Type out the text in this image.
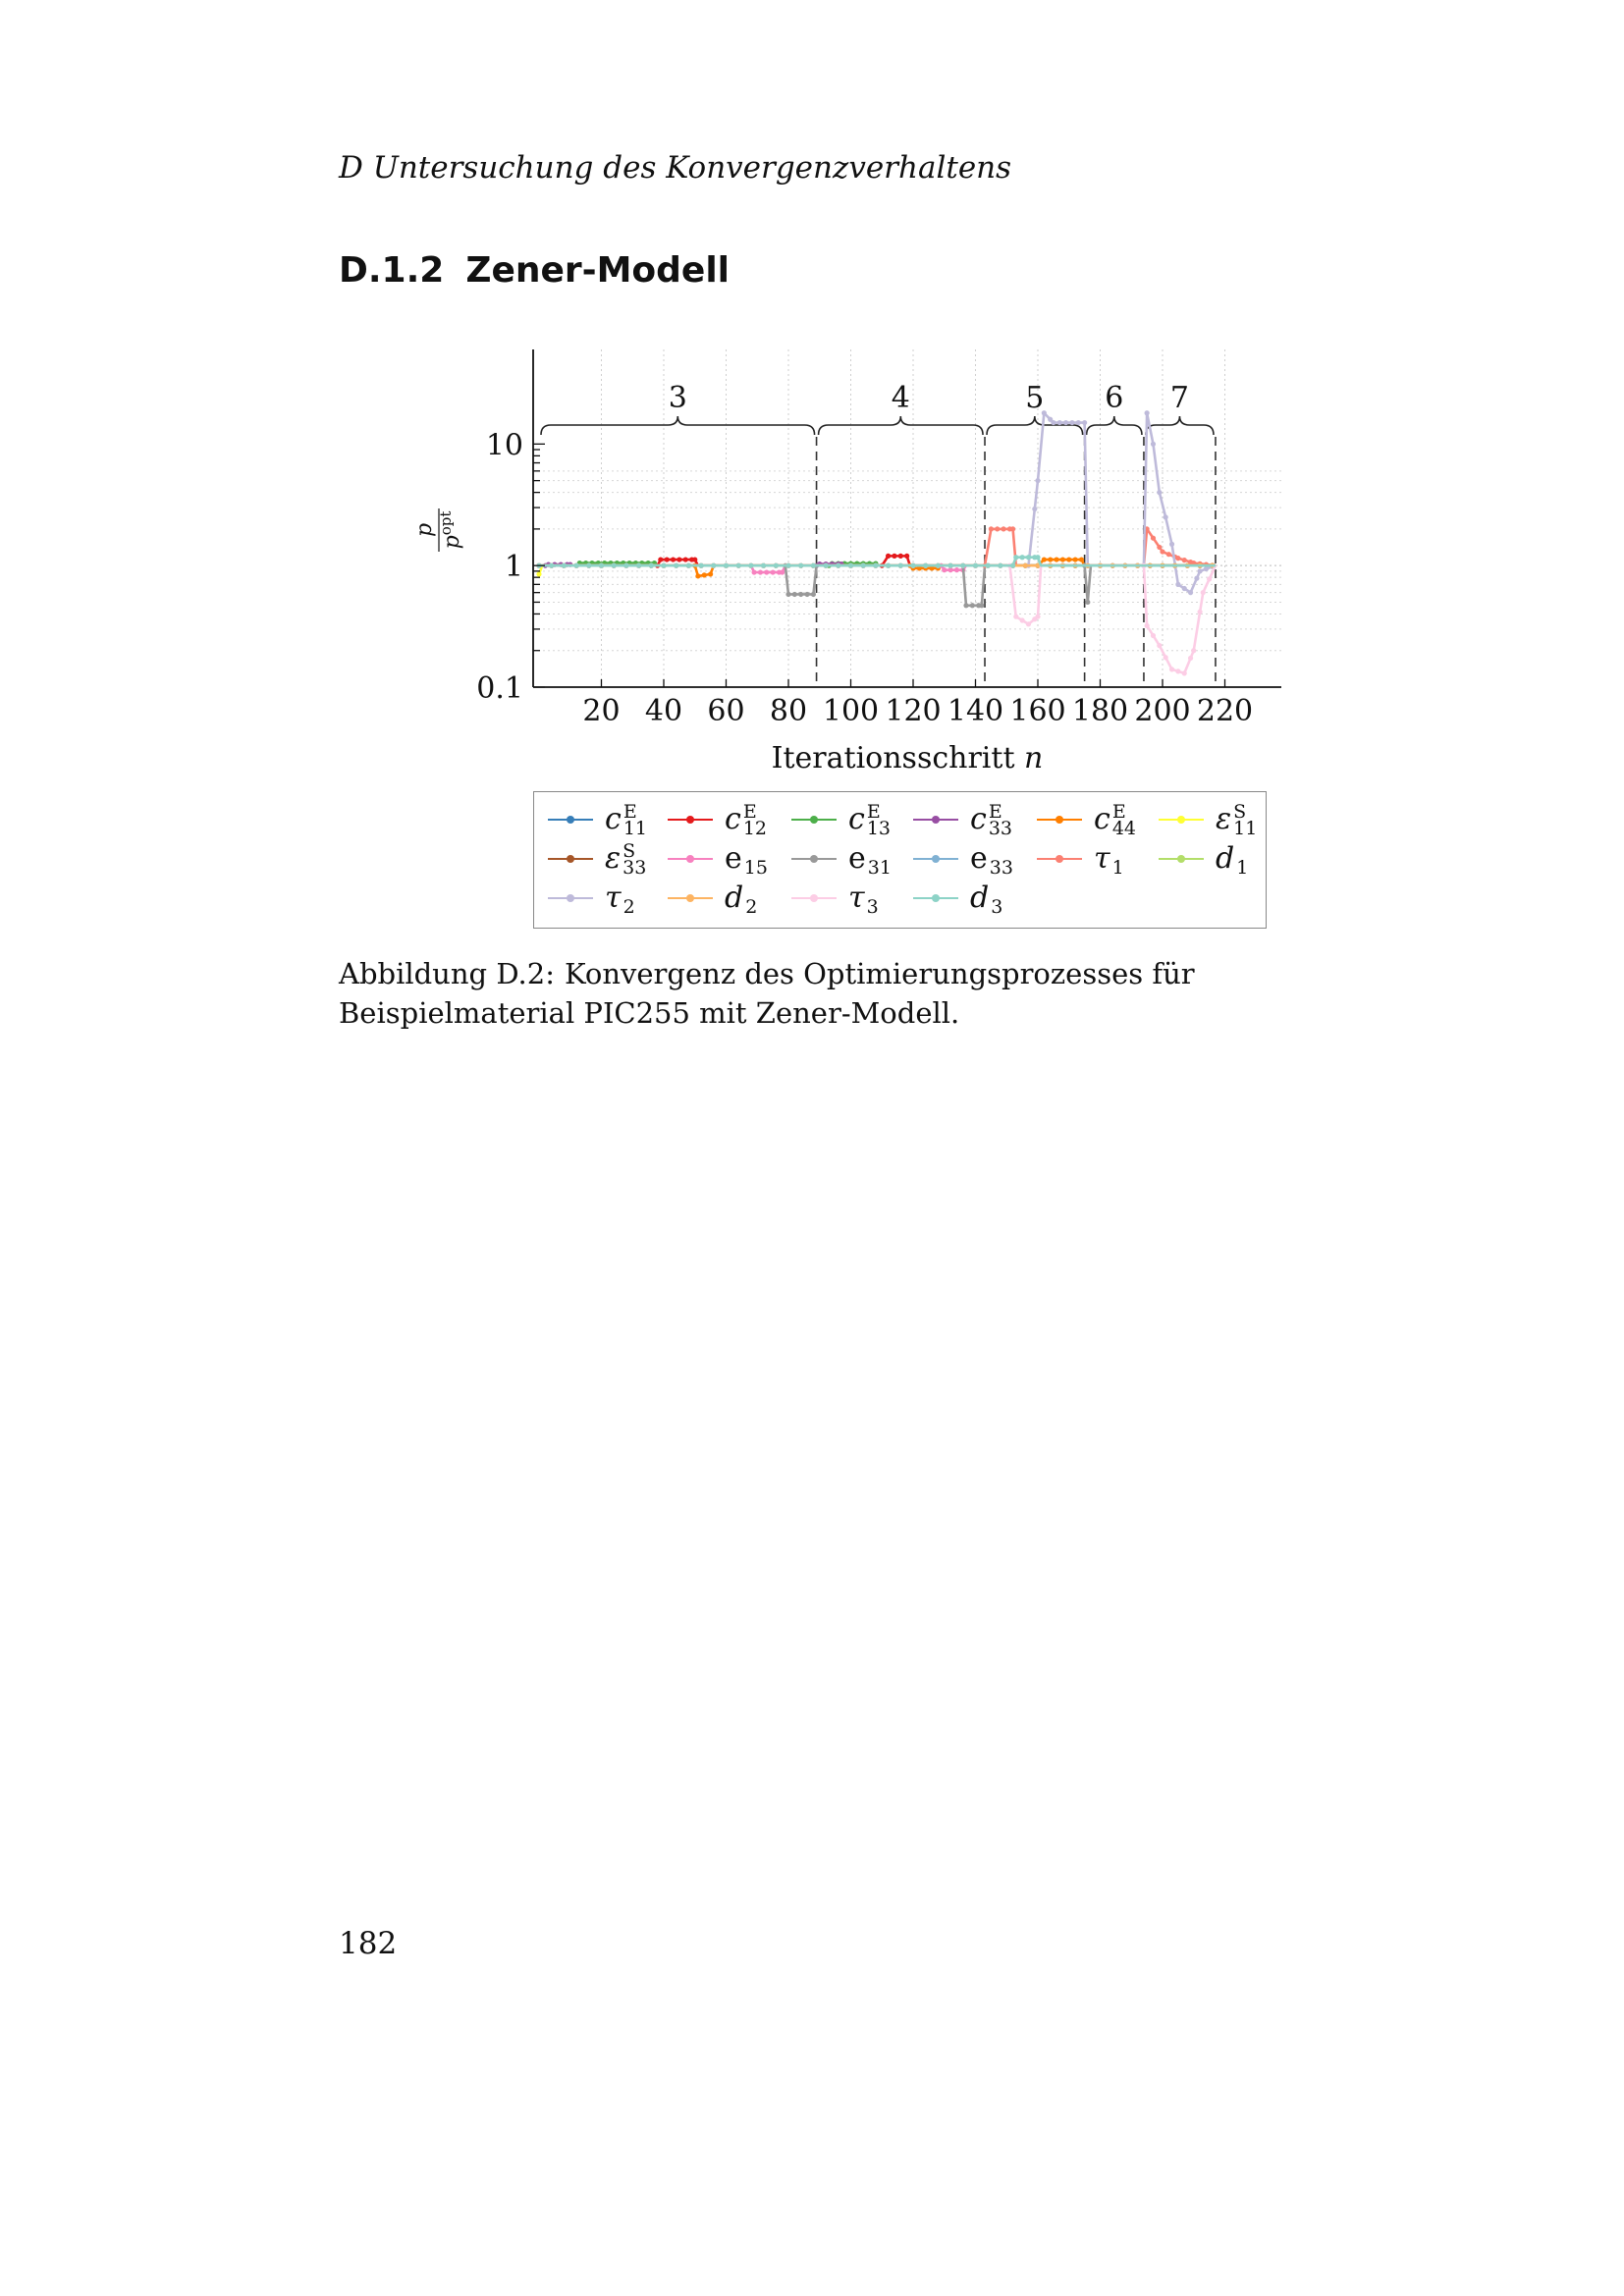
D Untersuchung des Konvergenzverhaltens
D.1.2 Zener-Modell
3	4	5 6 7
0.1
1
10
20 40 60 80 100 120 140 160 180 200 220
Iterationsschritt n
p
$p^{opt}$
c E
11	c E
12	c E
13	c E
33	c E
44	ε S
11
ε S
33	e
15	e
31	e
33	τ
1	d
1
τ
2	d
2	τ
3	d
3
Abbildung D.2: Konvergenz des Optimierungsprozesses für Beispielmaterial PIC255 mit Zener-Modell.
182
